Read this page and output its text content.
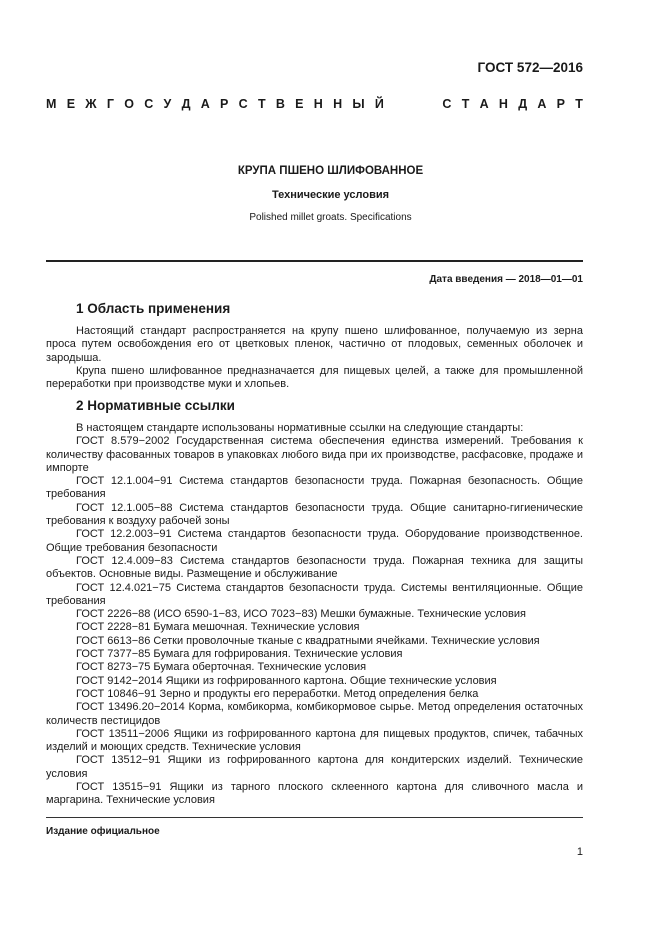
ГОСТ 572—2016
М Е Ж Г О С У Д А Р С Т В Е Н Н Ы Й	С Т А Н Д А Р Т
КРУПА ПШЕНО ШЛИФОВАННОЕ
Технические условия
Polished millet groats. Specifications
Дата введения — 2018—01—01
1 Область применения

Настоящий стандарт распространяется на крупу пшено шлифованное, получаемую из зерна проса путем освобождения его от цветковых пленок, частично от плодовых, семенных оболочек и зародыша.

Крупа пшено шлифованное предназначается для пищевых целей, а также для промышленной переработки при производстве муки и хлопьев.

2 Нормативные ссылки

В настоящем стандарте использованы нормативные ссылки на следующие стандарты:

ГОСТ 8.579−2002 Государственная система обеспечения единства измерений. Требования к количеству фасованных товаров в упаковках любого вида при их производстве, расфасовке, продаже и импорте

ГОСТ 12.1.004−91 Система стандартов безопасности труда. Пожарная безопасность. Общие требования

ГОСТ 12.1.005−88 Система стандартов безопасности труда. Общие санитарно-гигиенические требования к воздуху рабочей зоны

ГОСТ 12.2.003−91 Система стандартов безопасности труда. Оборудование производственное. Общие требования безопасности

ГОСТ 12.4.009−83 Система стандартов безопасности труда. Пожарная техника для защиты объектов. Основные виды. Размещение и обслуживание

ГОСТ 12.4.021−75 Система стандартов безопасности труда. Системы вентиляционные. Общие требования

ГОСТ 2226−88 (ИСО 6590-1−83, ИСО 7023−83) Мешки бумажные. Технические условия

ГОСТ 2228−81 Бумага мешочная. Технические условия

ГОСТ 6613−86 Сетки проволочные тканые с квадратными ячейками. Технические условия

ГОСТ 7377−85 Бумага для гофрирования. Технические условия

ГОСТ 8273−75 Бумага оберточная. Технические условия

ГОСТ 9142−2014 Ящики из гофрированного картона. Общие технические условия

ГОСТ 10846−91 Зерно и продукты его переработки. Метод определения белка

ГОСТ 13496.20−2014 Корма, комбикорма, комбикормовое сырье. Метод определения остаточных количеств пестицидов

ГОСТ 13511−2006 Ящики из гофрированного картона для пищевых продуктов, спичек, табачных изделий и моющих средств. Технические условия

ГОСТ 13512−91 Ящики из гофрированного картона для кондитерских изделий. Технические условия

ГОСТ 13515−91 Ящики из тарного плоского склеенного картона для сливочного масла и маргарина. Технические условия

Издание официальное
1
